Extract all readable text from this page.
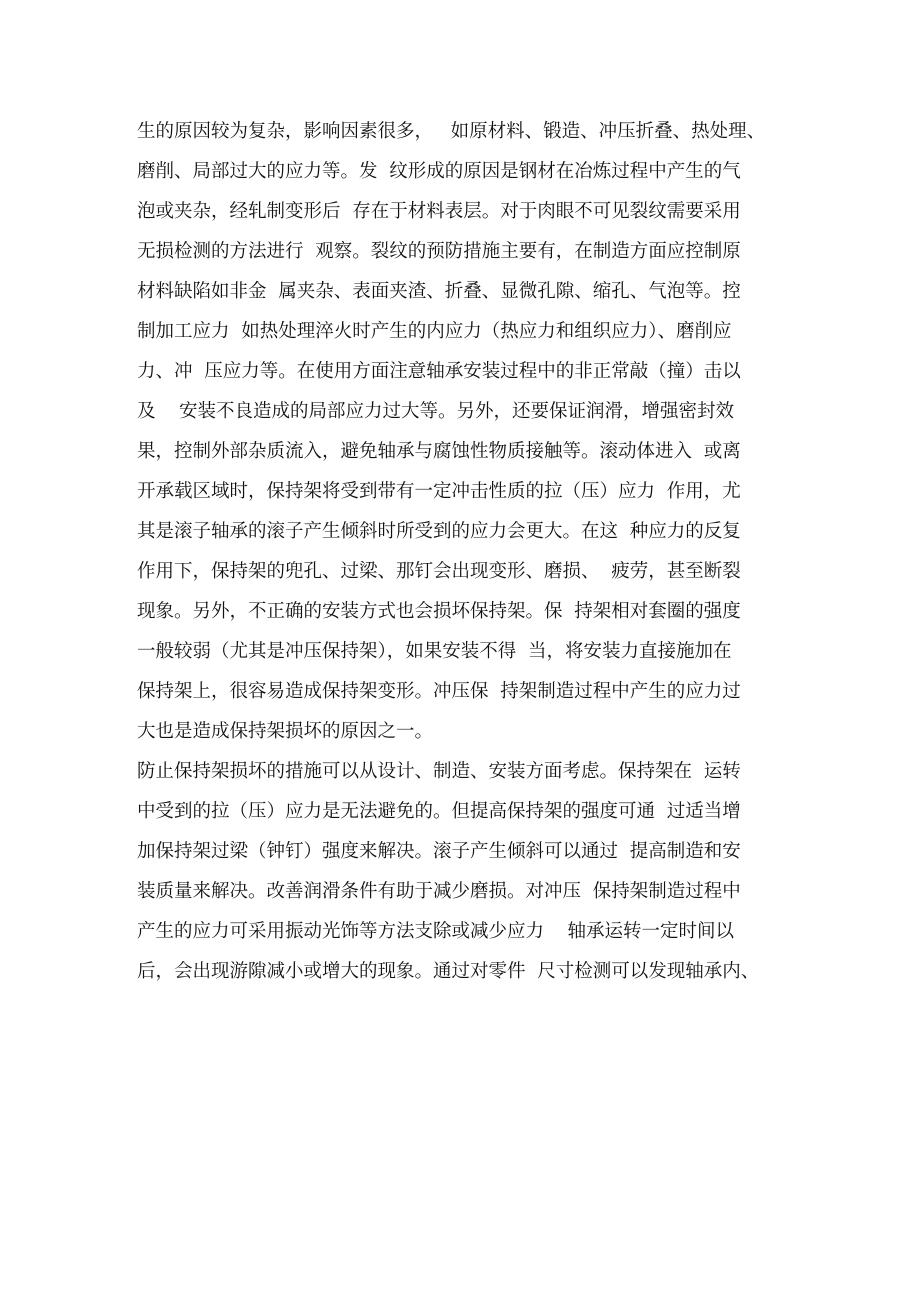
生的原因较为复杂，影响因素很多，   如原材料、锻造、冲压折叠、热处理、
磨削、局部过大的应力等。发  纹形成的原因是钢材在冶炼过程中产生的气
泡或夹杂，经轧制变形后  存在于材料表层。对于肉眼不可见裂纹需要采用
无损检测的方法进行  观察。裂纹的预防措施主要有，在制造方面应控制原
材料缺陷如非金  属夹杂、表面夹渣、折叠、显微孔隙、缩孔、气泡等。控
制加工应力  如热处理淬火时产生的内应力（热应力和组织应力）、磨削应
力、冲  压应力等。在使用方面注意轴承安装过程中的非正常敲（撞）击以
及    安装不良造成的局部应力过大等。另外，还要保证润滑，增强密封效
果，控制外部杂质流入，避免轴承与腐蚀性物质接触等。滚动体进入  或离
开承载区域时，保持架将受到带有一定冲击性质的拉（压）应力  作用，尤
其是滚子轴承的滚子产生倾斜时所受到的应力会更大。在这  种应力的反复
作用下，保持架的兜孔、过梁、那钉会出现变形、磨损、  疲劳，甚至断裂
现象。另外，不正确的安装方式也会损坏保持架。保  持架相对套圈的强度
一般较弱（尤其是冲压保持架），如果安装不得  当，将安装力直接施加在
保持架上，很容易造成保持架变形。冲压保  持架制造过程中产生的应力过
大也是造成保持架损坏的原因之一。
防止保持架损坏的措施可以从设计、制造、安装方面考虑。保持架在  运转
中受到的拉（压）应力是无法避免的。但提高保持架的强度可通  过适当增
加保持架过梁（钟钉）强度来解决。滚子产生倾斜可以通过  提高制造和安
装质量来解决。改善润滑条件有助于减少磨损。对冲压  保持架制造过程中
产生的应力可采用振动光饰等方法支除或减少应力    轴承运转一定时间以
后，会出现游隙减小或增大的现象。通过对零件  尺寸检测可以发现轴承内、
